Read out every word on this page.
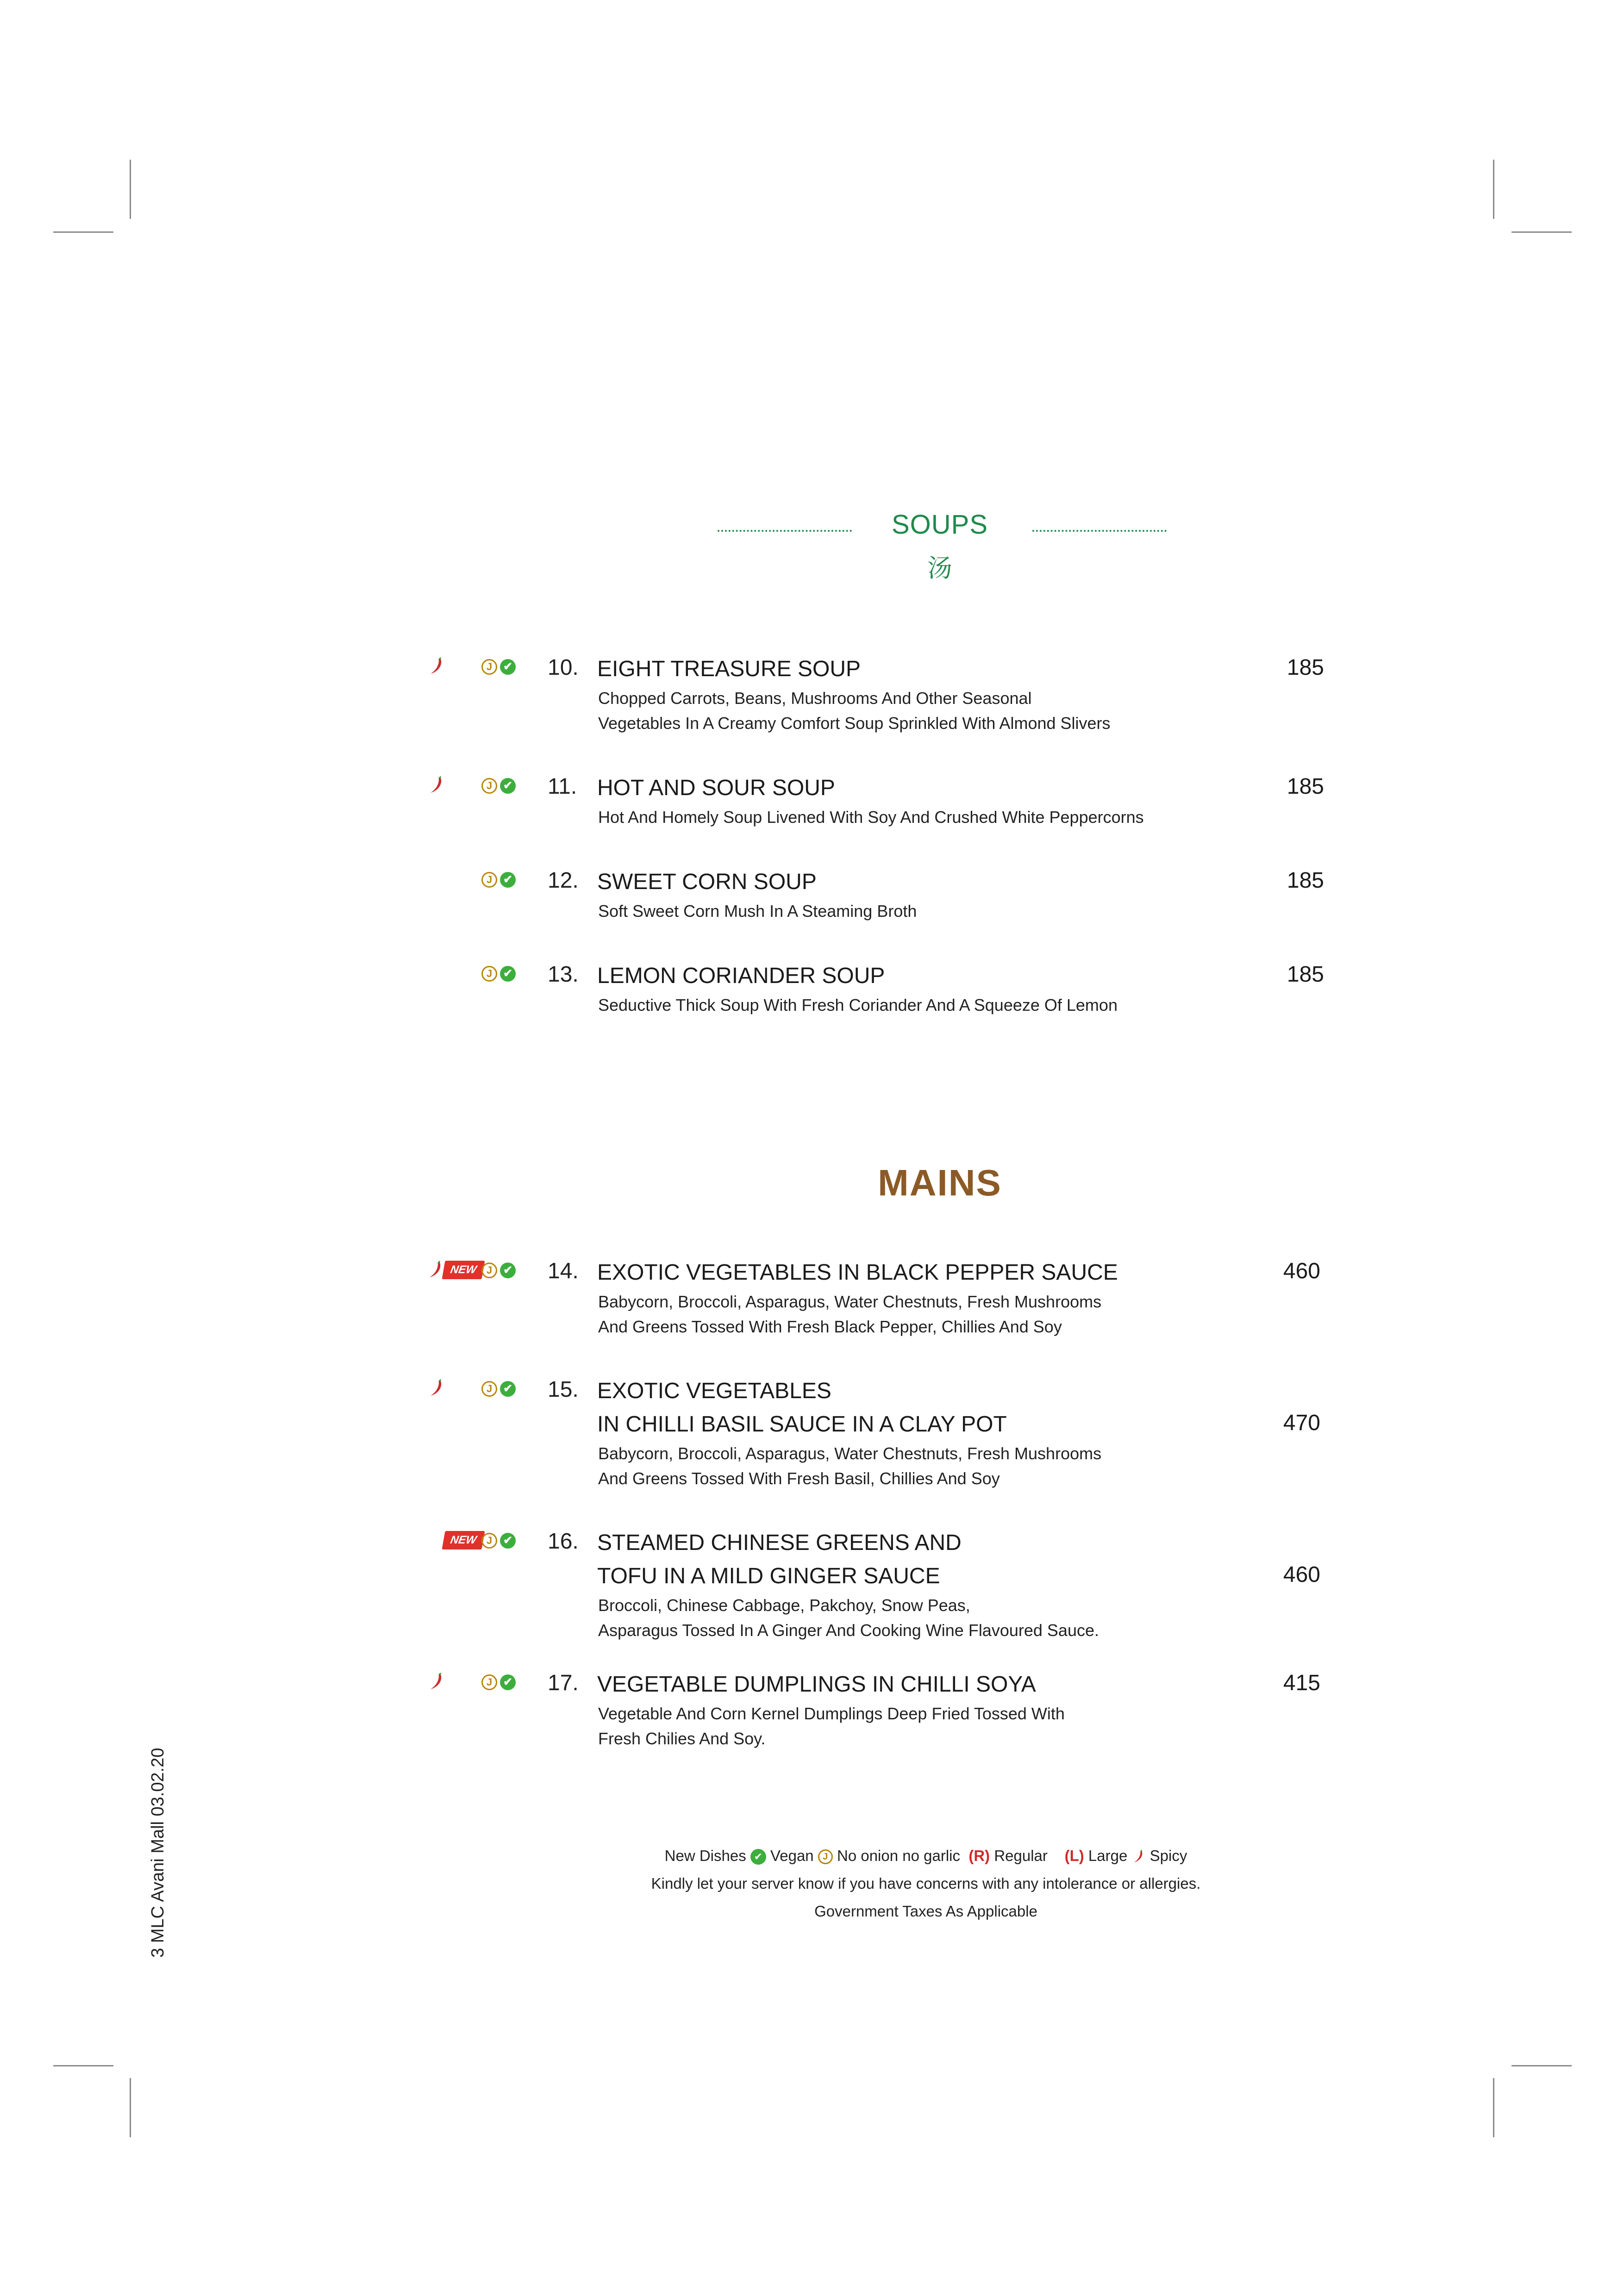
SOUPS
汤
J ✔ 10. EIGHT TREASURE SOUP	185
Chopped Carrots, Beans, Mushrooms And Other Seasonal
Vegetables In A Creamy Comfort Soup Sprinkled With Almond Slivers
J ✔ 11. HOT AND SOUR SOUP	185
Hot And Homely Soup Livened With Soy And Crushed White Peppercorns
J ✔ 12. SWEET CORN SOUP	185
Soft Sweet Corn Mush In A Steaming Broth
J ✔ 13. LEMON CORIANDER SOUP	185
Seductive Thick Soup With Fresh Coriander And A Squeeze Of Lemon
MAINS
NEW J ✔ 14. EXOTIC VEGETABLES IN BLACK PEPPER SAUCE	460
Babycorn, Broccoli, Asparagus, Water Chestnuts, Fresh Mushrooms
And Greens Tossed With Fresh Black Pepper, Chillies And Soy
J ✔ 15. EXOTIC VEGETABLES
IN CHILLI BASIL SAUCE IN A CLAY POT	470
Babycorn, Broccoli, Asparagus, Water Chestnuts, Fresh Mushrooms
And Greens Tossed With Fresh Basil, Chillies And Soy
NEW J ✔ 16. STEAMED CHINESE GREENS AND
TOFU IN A MILD GINGER SAUCE	460
Broccoli, Chinese Cabbage, Pakchoy, Snow Peas,
Asparagus Tossed In A Ginger And Cooking Wine Flavoured Sauce.
J ✔ 17. VEGETABLE DUMPLINGS IN CHILLI SOYA	415
Vegetable And Corn Kernel Dumplings Deep Fried Tossed With
Fresh Chilies And Soy.
New Dishes ✔ Vegan J No onion no garlic (R) Regular (L) Large Spicy
Kindly let your server know if you have concerns with any intolerance or allergies.
Government Taxes As Applicable
3 MLC Avani Mall 03.02.20
